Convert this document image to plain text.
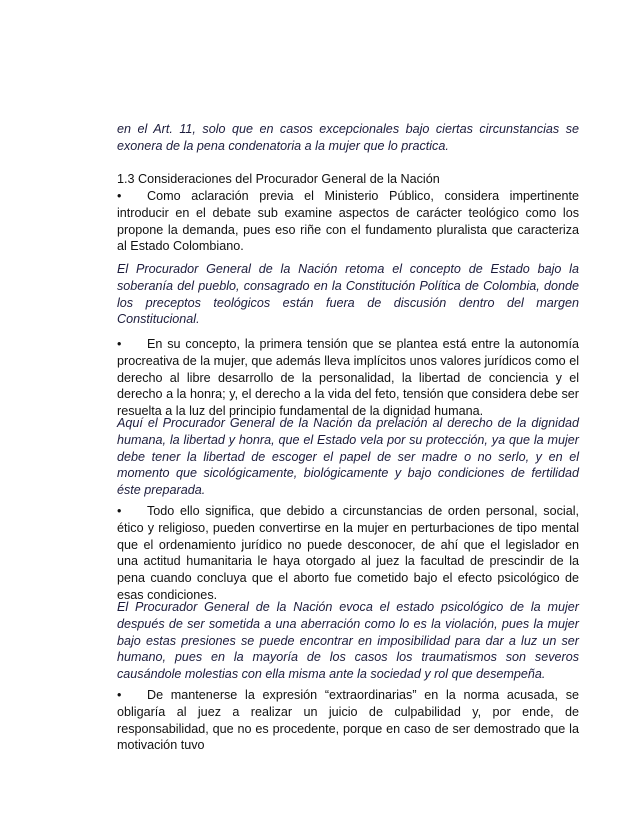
en el Art. 11, solo que en casos excepcionales bajo ciertas circunstancias se exonera de la pena condenatoria a la mujer que lo practica.

1.3 Consideraciones del Procurador General de la Nación

• Como aclaración previa el Ministerio Público, considera impertinente introducir en el debate sub examine aspectos de carácter teológico como los propone la demanda, pues eso riñe con el fundamento pluralista que caracteriza al Estado Colombiano.

El Procurador General de la Nación retoma el concepto de Estado bajo la soberanía del pueblo, consagrado en la Constitución Política de Colombia, donde los preceptos teológicos están fuera de discusión dentro del margen Constitucional.

• En su concepto, la primera tensión que se plantea está entre la autonomía procreativa de la mujer, que además lleva implícitos unos valores jurídicos como el derecho al libre desarrollo de la personalidad, la libertad de conciencia y el derecho a la honra; y, el derecho a la vida del feto, tensión que considera debe ser resuelta a la luz del principio fundamental de la dignidad humana.

Aquí el Procurador General de la Nación da prelación al derecho de la dignidad humana, la libertad y honra, que el Estado vela por su protección, ya que la mujer debe tener la libertad de escoger el papel de ser madre o no serlo, y en el momento que sicológicamente, biológicamente y bajo condiciones de fertilidad éste preparada.

• Todo ello significa, que debido a circunstancias de orden personal, social, ético y religioso, pueden convertirse en la mujer en perturbaciones de tipo mental que el ordenamiento jurídico no puede desconocer, de ahí que el legislador en una actitud humanitaria le haya otorgado al juez la facultad de prescindir de la pena cuando concluya que el aborto fue cometido bajo el efecto psicológico de esas condiciones.

El Procurador General de la Nación evoca el estado psicológico de la mujer después de ser sometida a una aberración como lo es la violación, pues la mujer bajo estas presiones se puede encontrar en imposibilidad para dar a luz un ser humano, pues en la mayoría de los casos los traumatismos son severos causándole molestias con ella misma ante la sociedad y rol que desempeña.

• De mantenerse la expresión “extraordinarias” en la norma acusada, se obligaría al juez a realizar un juicio de culpabilidad y, por ende, de responsabilidad, que no es procedente, porque en caso de ser demostrado que la motivación tuvo
